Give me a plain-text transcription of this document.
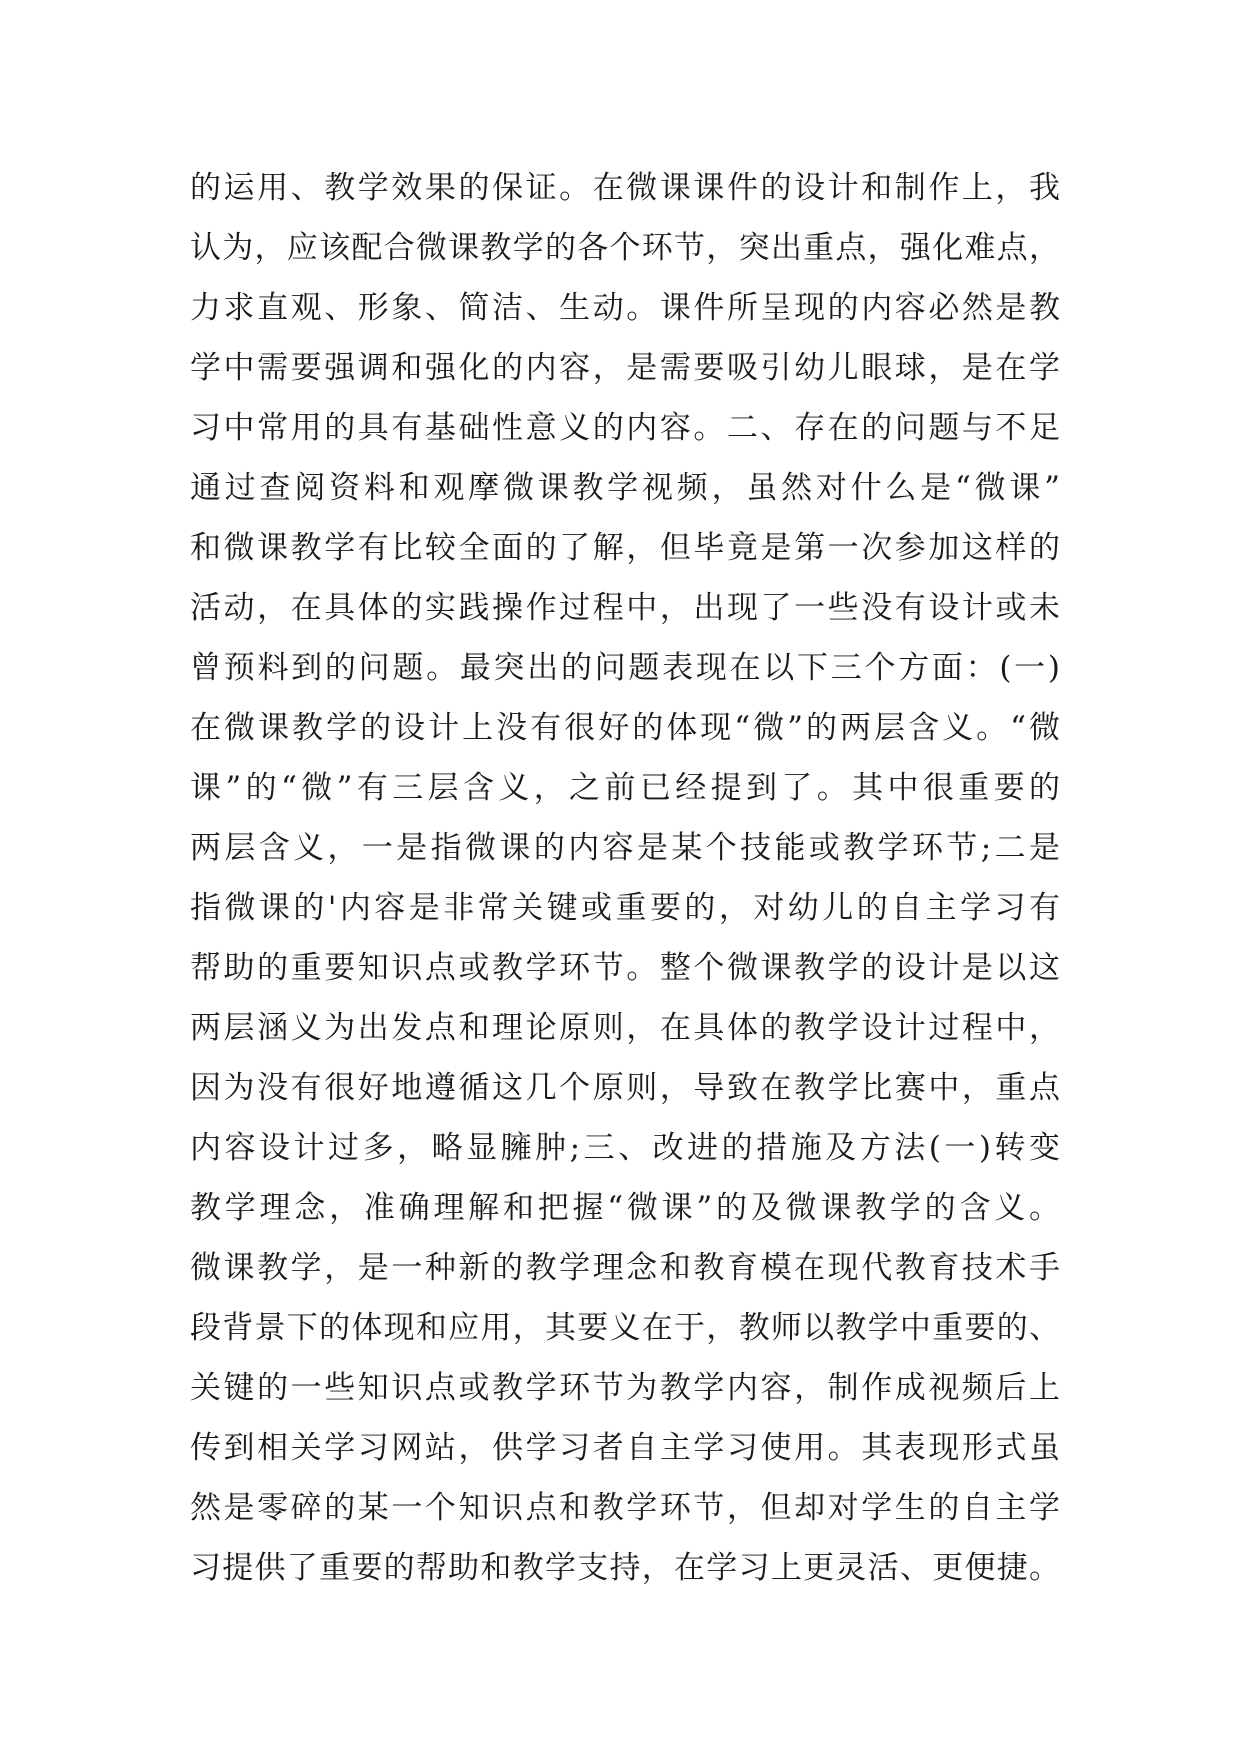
的运用、教学效果的保证。在微课课件的设计和制作上，我
认为，应该配合微课教学的各个环节，突出重点，强化难点，
力求直观、形象、简洁、生动。课件所呈现的内容必然是教
学中需要强调和强化的内容，是需要吸引幼儿眼球，是在学
习中常用的具有基础性意义的内容。二、存在的问题与不足
通过查阅资料和观摩微课教学视频，虽然对什么是“微课”
和微课教学有比较全面的了解，但毕竟是第一次参加这样的
活动，在具体的实践操作过程中，出现了一些没有设计或未
曾预料到的问题。最突出的问题表现在以下三个方面：(一)
在微课教学的设计上没有很好的体现“微”的两层含义。“微
课”的“微”有三层含义，之前已经提到了。其中很重要的
两层含义，一是指微课的内容是某个技能或教学环节;二是
指微课的'内容是非常关键或重要的，对幼儿的自主学习有
帮助的重要知识点或教学环节。整个微课教学的设计是以这
两层涵义为出发点和理论原则，在具体的教学设计过程中，
因为没有很好地遵循这几个原则，导致在教学比赛中，重点
内容设计过多，略显臃肿;三、改进的措施及方法(一)转变
教学理念，准确理解和把握“微课”的及微课教学的含义。
微课教学，是一种新的教学理念和教育模在现代教育技术手
段背景下的体现和应用，其要义在于，教师以教学中重要的、
关键的一些知识点或教学环节为教学内容，制作成视频后上
传到相关学习网站，供学习者自主学习使用。其表现形式虽
然是零碎的某一个知识点和教学环节，但却对学生的自主学
习提供了重要的帮助和教学支持，在学习上更灵活、更便捷。
